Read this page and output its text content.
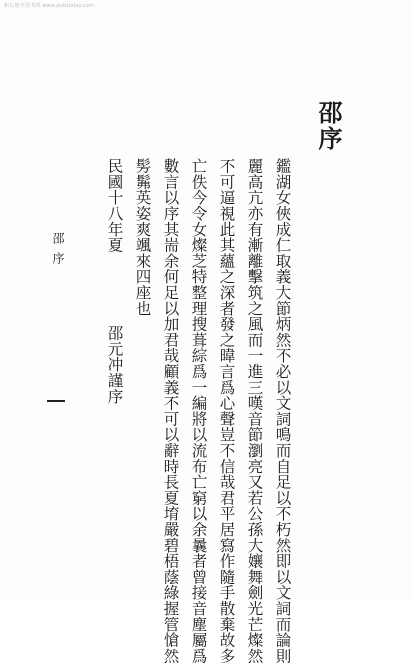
和长地中国书网 www.pubtoday.com
邵序
鑑湖女俠成仁取義大節炳然不必以文詞鳴而自足以不朽然即以文詞而論則
麗高亢亦有漸離擊筑之風而一進三嘆音節瀏亮又若公孫大孃舞劍光芒燦然
不可逼視此其蘊之深者發之暐言爲心聲豈不信哉君平居寫作隨手散棄故多
亡佚今令女燦芝特整理搜葺綜爲一編將以流布亡窮以余曩者曾接音塵屬爲
數言以序其耑余何足以加君哉顧義不可以辭時長夏堉嚴碧梧蔭綠握管愴然
髣髴英姿爽颯來四座也
民國十八年夏
邵元冲謹序
邵序
